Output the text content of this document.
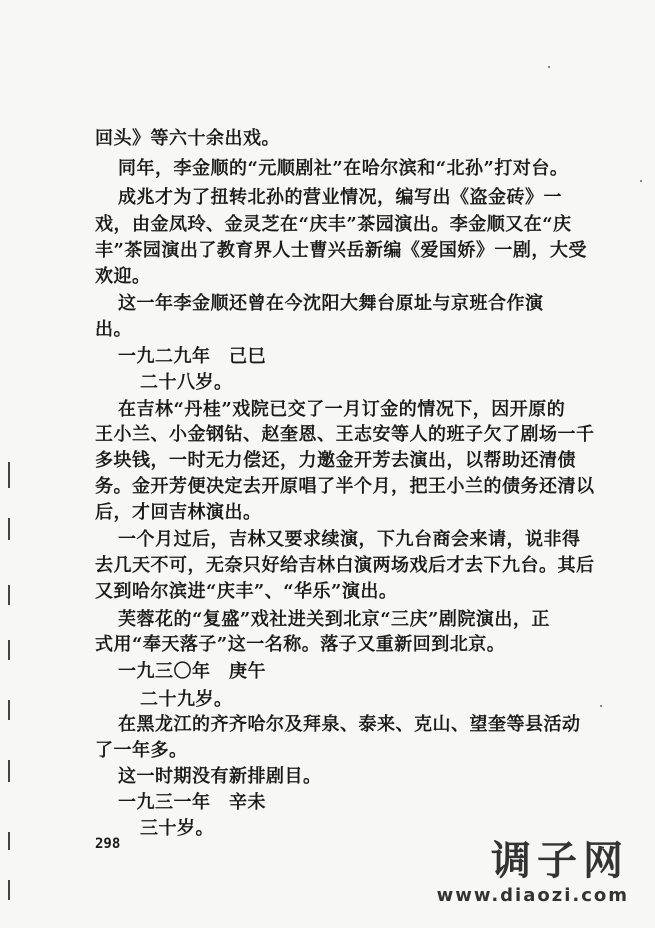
回头》等六十余出戏。
同年，李金顺的“元顺剧社”在哈尔滨和“北孙”打对台。
成兆才为了扭转北孙的营业情况，编写出《盗金砖》一
戏，由金凤玲、金灵芝在“庆丰”茶园演出。李金顺又在“庆
丰”茶园演出了教育界人士曹兴岳新编《爱国娇》一剧，大受
欢迎。
这一年李金顺还曾在今沈阳大舞台原址与京班合作演
出。
一九二九年　己巳
二十八岁。
在吉林“丹桂”戏院已交了一月订金的情况下，因开原的
王小兰、小金钢钻、赵奎恩、王志安等人的班子欠了剧场一千
多块钱，一时无力偿还，力邀金开芳去演出，以帮助还清债
务。金开芳便决定去开原唱了半个月，把王小兰的债务还清以
后，才回吉林演出。
一个月过后，吉林又要求续演，下九台商会来请，说非得
去几天不可，无奈只好给吉林白演两场戏后才去下九台。其后
又到哈尔滨进“庆丰”、“华乐”演出。
芙蓉花的“复盛”戏社进关到北京“三庆”剧院演出，正
式用“奉天落子”这一名称。落子又重新回到北京。
一九三〇年　庚午
二十九岁。
在黑龙江的齐齐哈尔及拜泉、泰来、克山、望奎等县活动
了一年多。
这一时期没有新排剧目。
一九三一年　辛未
三十岁。
298	调子网
www.diaozi.com
